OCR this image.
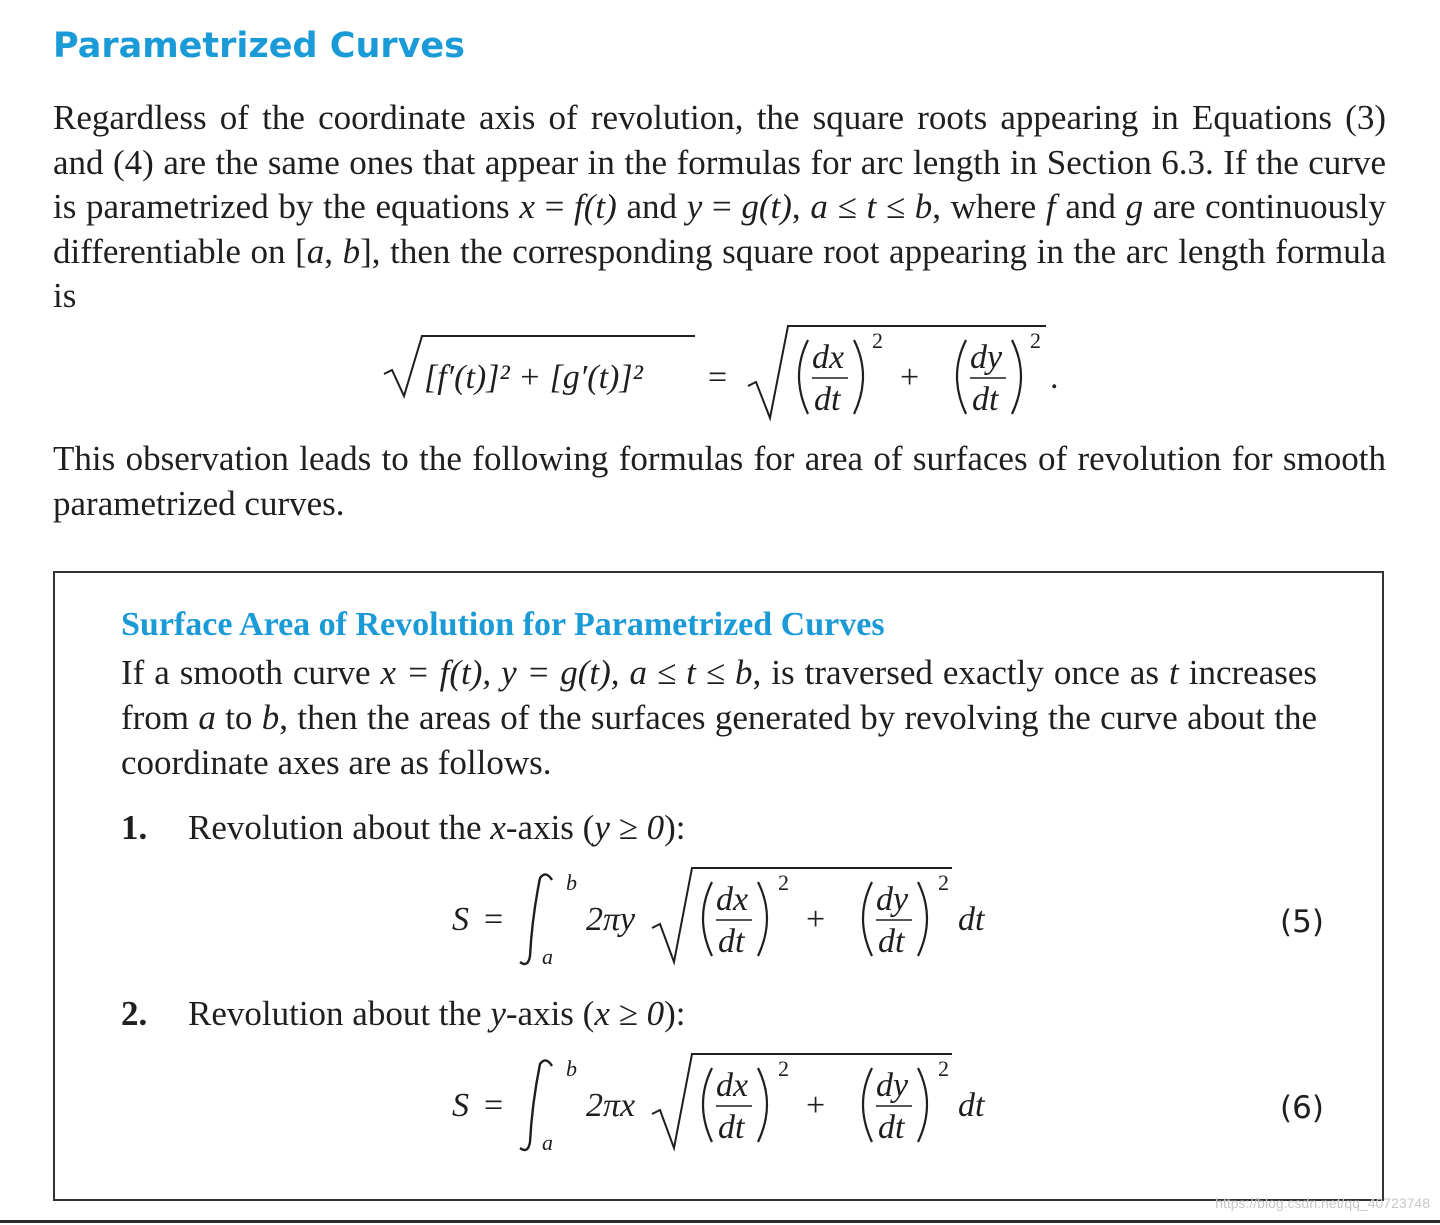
Parametrized Curves

Regardless of the coordinate axis of revolution, the square roots appearing in Equations (3) and (4) are the same ones that appear in the formulas for arc length in Section 6.3. If the curve is parametrized by the equations x = f(t) and y = g(t), a ≤ t ≤ b, where f and g are continuously differentiable on [a, b], then the corresponding square root appearing in the arc length formula is

[f′(t)]² + [g′(t)]² =
dx
dt
2
+
dy
dt
2
.

This observation leads to the following formulas for area of surfaces of revolution for smooth parametrized curves.

Surface Area of Revolution for Parametrized Curves

If a smooth curve x = f(t), y = g(t), a ≤ t ≤ b, is traversed exactly once as t increases from a to b, then the areas of the surfaces generated by revolving the curve about the coordinate axes are as follows.

1. Revolution about the x-axis (y ≥ 0):
S =
b
a
2πy
dx
dt
2
+
dy
dt
2
dt	(5)
2. Revolution about the y-axis (x ≥ 0):
S =
b
a
2πx
dx
dt
2
+
dy
dt
2
dt	(6)
https://blog.csdn.net/qq_40723748
